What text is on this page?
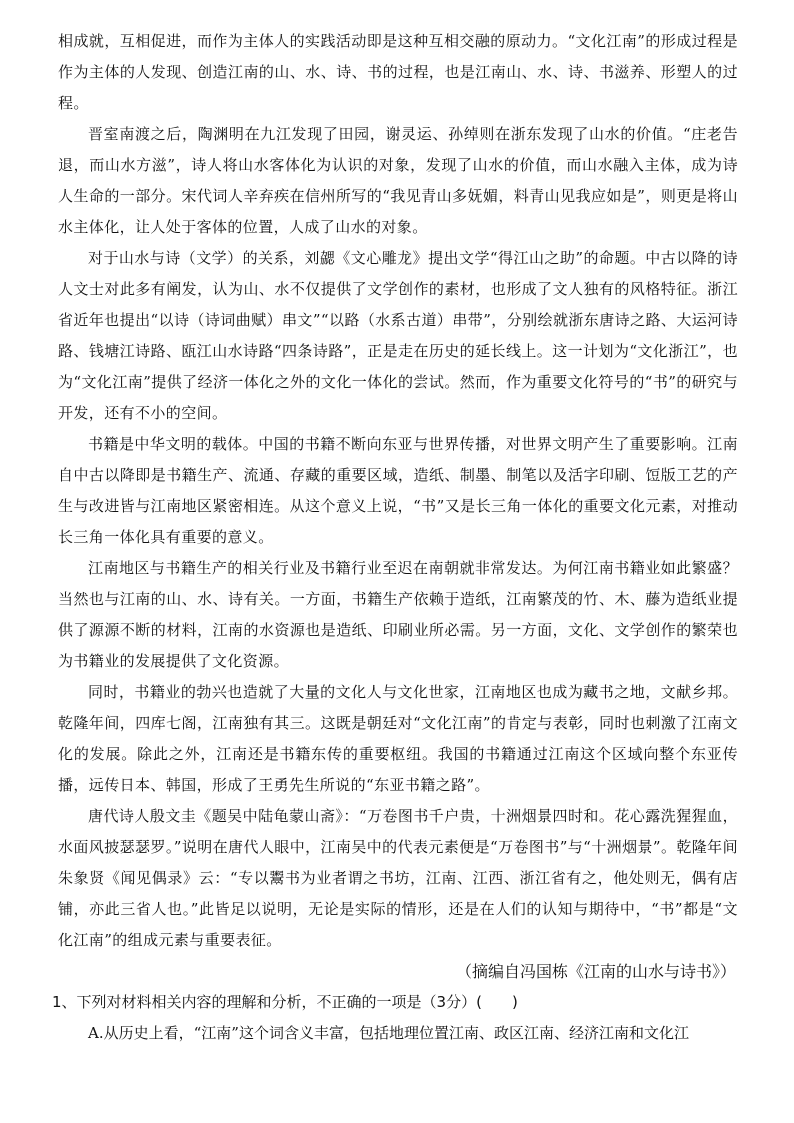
相成就，互相促进，而作为主体人的实践活动即是这种互相交融的原动力。“文化江南”的形成过程是作为主体的人发现、创造江南的山、水、诗、书的过程，也是江南山、水、诗、书滋养、形塑人的过程。

晋室南渡之后，陶渊明在九江发现了田园，谢灵运、孙绰则在浙东发现了山水的价值。“庄老告退，而山水方滋”，诗人将山水客体化为认识的对象，发现了山水的价值，而山水融入主体，成为诗人生命的一部分。宋代词人辛弃疾在信州所写的“我见青山多妩媚，料青山见我应如是”，则更是将山水主体化，让人处于客体的位置，人成了山水的对象。

对于山水与诗（文学）的关系，刘勰《文心雕龙》提出文学“得江山之助”的命题。中古以降的诗人文士对此多有阐发，认为山、水不仅提供了文学创作的素材，也形成了文人独有的风格特征。浙江省近年也提出“以诗（诗词曲赋）串文”“以路（水系古道）串带”，分别绘就浙东唐诗之路、大运河诗路、钱塘江诗路、瓯江山水诗路“四条诗路”，正是走在历史的延长线上。这一计划为“文化浙江”，也为“文化江南”提供了经济一体化之外的文化一体化的尝试。然而，作为重要文化符号的“书”的研究与开发，还有不小的空间。

书籍是中华文明的载体。中国的书籍不断向东亚与世界传播，对世界文明产生了重要影响。江南自中古以降即是书籍生产、流通、存藏的重要区域，造纸、制墨、制笔以及活字印刷、饾版工艺的产生与改进皆与江南地区紧密相连。从这个意义上说，“书”又是长三角一体化的重要文化元素，对推动长三角一体化具有重要的意义。

江南地区与书籍生产的相关行业及书籍行业至迟在南朝就非常发达。为何江南书籍业如此繁盛？当然也与江南的山、水、诗有关。一方面，书籍生产依赖于造纸，江南繁茂的竹、木、藤为造纸业提供了源源不断的材料，江南的水资源也是造纸、印刷业所必需。另一方面，文化、文学创作的繁荣也为书籍业的发展提供了文化资源。

同时，书籍业的勃兴也造就了大量的文化人与文化世家，江南地区也成为藏书之地，文献乡邦。乾隆年间，四库七阁，江南独有其三。这既是朝廷对“文化江南”的肯定与表彰，同时也刺激了江南文化的发展。除此之外，江南还是书籍东传的重要枢纽。我国的书籍通过江南这个区域向整个东亚传播，远传日本、韩国，形成了王勇先生所说的“东亚书籍之路”。

唐代诗人殷文圭《题吴中陆龟蒙山斋》：“万卷图书千户贵，十洲烟景四时和。花心露洗猩猩血，水面风披瑟瑟罗。”说明在唐代人眼中，江南吴中的代表元素便是“万卷图书”与“十洲烟景”。乾隆年间朱象贤《闻见偶录》云：“专以鬻书为业者谓之书坊，江南、江西、浙江省有之，他处则无，偶有店铺，亦此三省人也。”此皆足以说明，无论是实际的情形，还是在人们的认知与期待中，“书”都是“文化江南”的组成元素与重要表征。

（摘编自冯国栋《江南的山水与诗书》）

1、下列对材料相关内容的理解和分析，不正确的一项是（3分）(　　)

A.从历史上看，“江南”这个词含义丰富，包括地理位置江南、政区江南、经济江南和文化江
